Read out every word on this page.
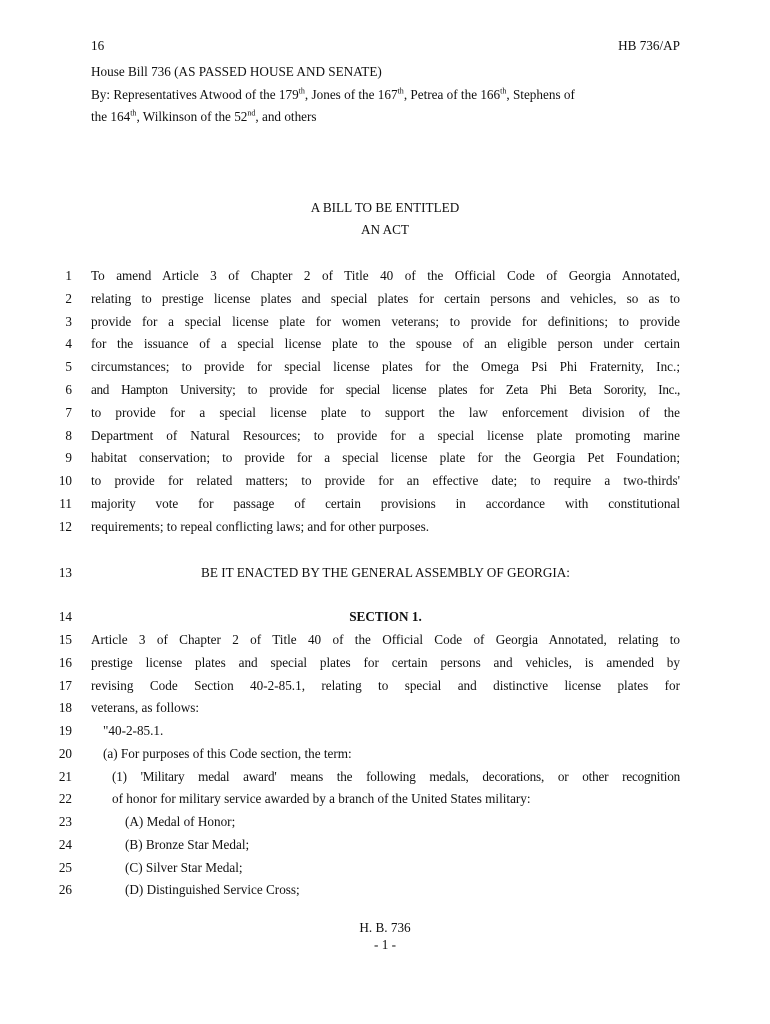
16	HB 736/AP
House Bill 736 (AS PASSED HOUSE AND SENATE)
By: Representatives Atwood of the 179th, Jones of the 167th, Petrea of the 166th, Stephens of
the 164th, Wilkinson of the 52nd, and others
A BILL TO BE ENTITLED
AN ACT
1 To amend Article 3 of Chapter 2 of Title 40 of the Official Code of Georgia Annotated,
2 relating to prestige license plates and special plates for certain persons and vehicles, so as to
3 provide for a special license plate for women veterans; to provide for definitions; to provide
4 for the issuance of a special license plate to the spouse of an eligible person under certain
5 circumstances; to provide for special license plates for the Omega Psi Phi Fraternity, Inc.;
6 and Hampton University; to provide for special license plates for Zeta Phi Beta Sorority, Inc.,
7 to provide for a special license plate to support the law enforcement division of the
8 Department of Natural Resources; to provide for a special license plate promoting marine
9 habitat conservation; to provide for a special license plate for the Georgia Pet Foundation;
10 to provide for related matters; to provide for an effective date; to require a two-thirds'
11 majority vote for passage of certain provisions in accordance with constitutional
12 requirements; to repeal conflicting laws; and for other purposes.
13	BE IT ENACTED BY THE GENERAL ASSEMBLY OF GEORGIA:
14	SECTION 1.
15 Article 3 of Chapter 2 of Title 40 of the Official Code of Georgia Annotated, relating to
16 prestige license plates and special plates for certain persons and vehicles, is amended by
17 revising Code Section 40-2-85.1, relating to special and distinctive license plates for
18 veterans, as follows:
19 "40-2-85.1.
20 (a) For purposes of this Code section, the term:
21	(1) 'Military medal award' means the following medals, decorations, or other recognition
22	of honor for military service awarded by a branch of the United States military:
23	(A) Medal of Honor;
24	(B) Bronze Star Medal;
25	(C) Silver Star Medal;
26	(D) Distinguished Service Cross;
H. B. 736
- 1 -
